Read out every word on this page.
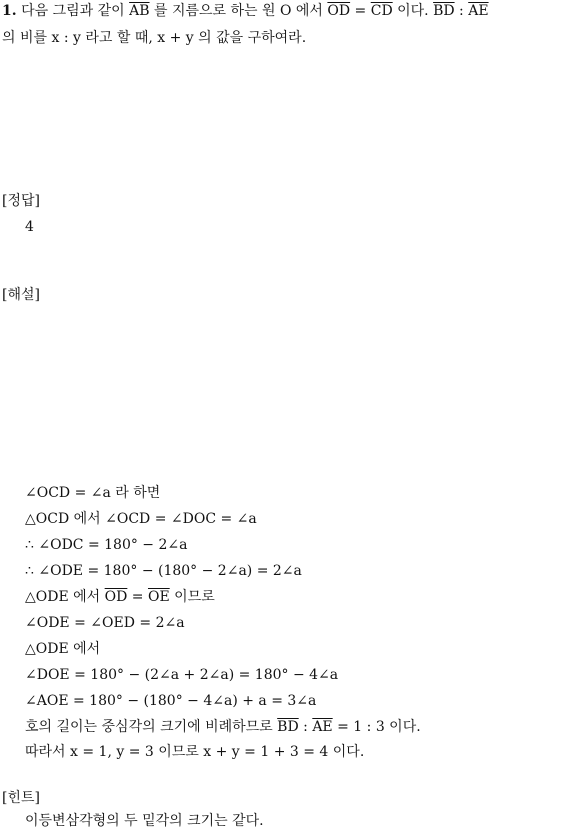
1. 다음 그림과 같이 $\overline{AB}$ 를 지름으로 하는 원 O 에서 $\overline{OD} = \overline{CD}$ 이다. $\overline{BD}$ : $\overline{AE}$
의 비를 x : y 라고 할 때, x + y 의 값을 구하여라.
[정답]
4
[해설]
∠OCD = ∠a 라 하면
△OCD 에서 ∠OCD = ∠DOC = ∠a
∴ ∠ODC = 180° − 2∠a
∴ ∠ODE = 180° − (180° − 2∠a) = 2∠a
△ODE 에서 $\overline{OD} = \overline{OE}$ 이므로
∠ODE = ∠OED = 2∠a
△ODE 에서
∠DOE = 180° − (2∠a + 2∠a) = 180° − 4∠a
∠AOE = 180° − (180° − 4∠a) + a = 3∠a
호의 길이는 중심각의 크기에 비례하므로 $\overline{BD}$ : $\overline{AE} = 1$ : 3 이다.
따라서 x = 1, y = 3 이므로 x + y = 1 + 3 = 4 이다.
[힌트]
이등변삼각형의 두 밑각의 크기는 같다.
